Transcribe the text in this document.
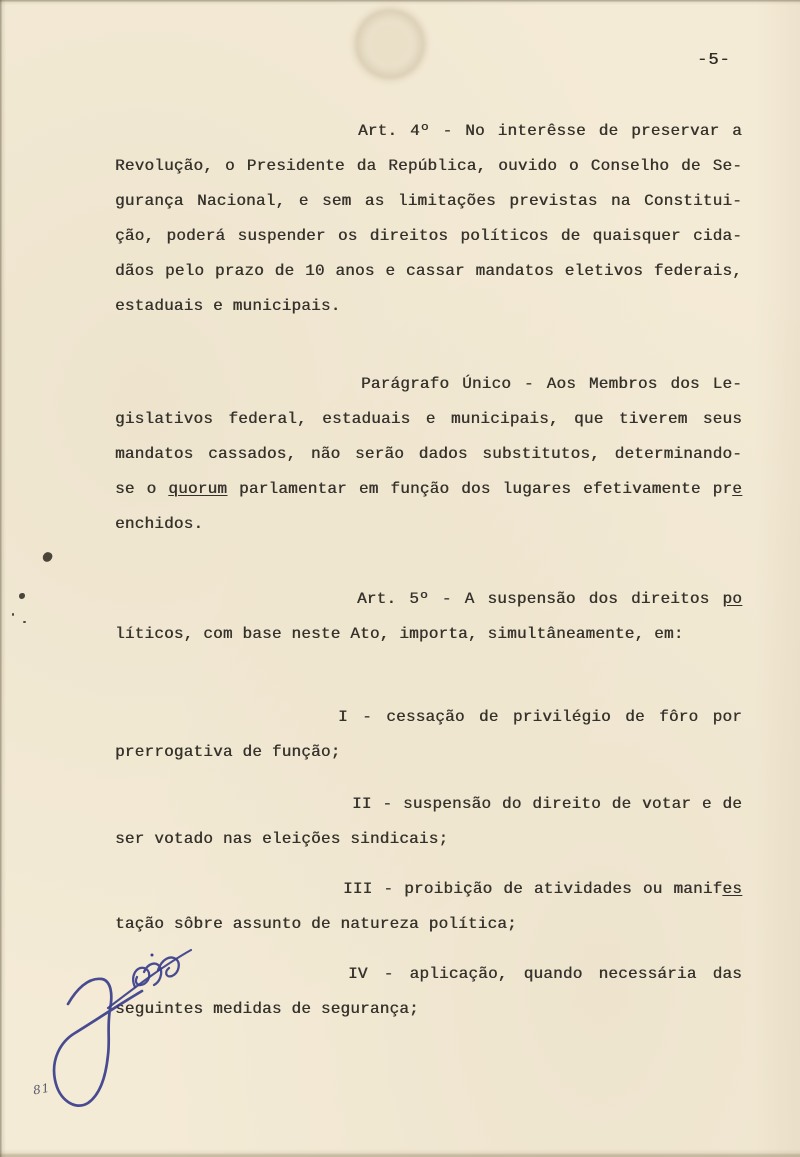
-5-
Art. 4º - No interêsse de preservar a
Revolução, o Presidente da República, ouvido o Conselho de Se-
gurança Nacional, e sem as limitações previstas na Constitui-
ção, poderá suspender os direitos políticos de quaisquer cida-
dãos pelo prazo de 10 anos e cassar mandatos eletivos federais,
estaduais e municipais.
Parágrafo Único - Aos Membros dos Le-
gislativos federal, estaduais e municipais, que tiverem seus
mandatos cassados, não serão dados substitutos, determinando-
se o quorum parlamentar em função dos lugares efetivamente pre
enchidos.
Art. 5º - A suspensão dos direitos po
líticos, com base neste Ato, importa, simultâneamente, em:
I - cessação de privilégio de fôro por
prerrogativa de função;
II - suspensão do direito de votar e de
ser votado nas eleições sindicais;
III - proibição de atividades ou manifes
tação sôbre assunto de natureza política;
IV - aplicação, quando necessária das
seguintes medidas de segurança;
81
